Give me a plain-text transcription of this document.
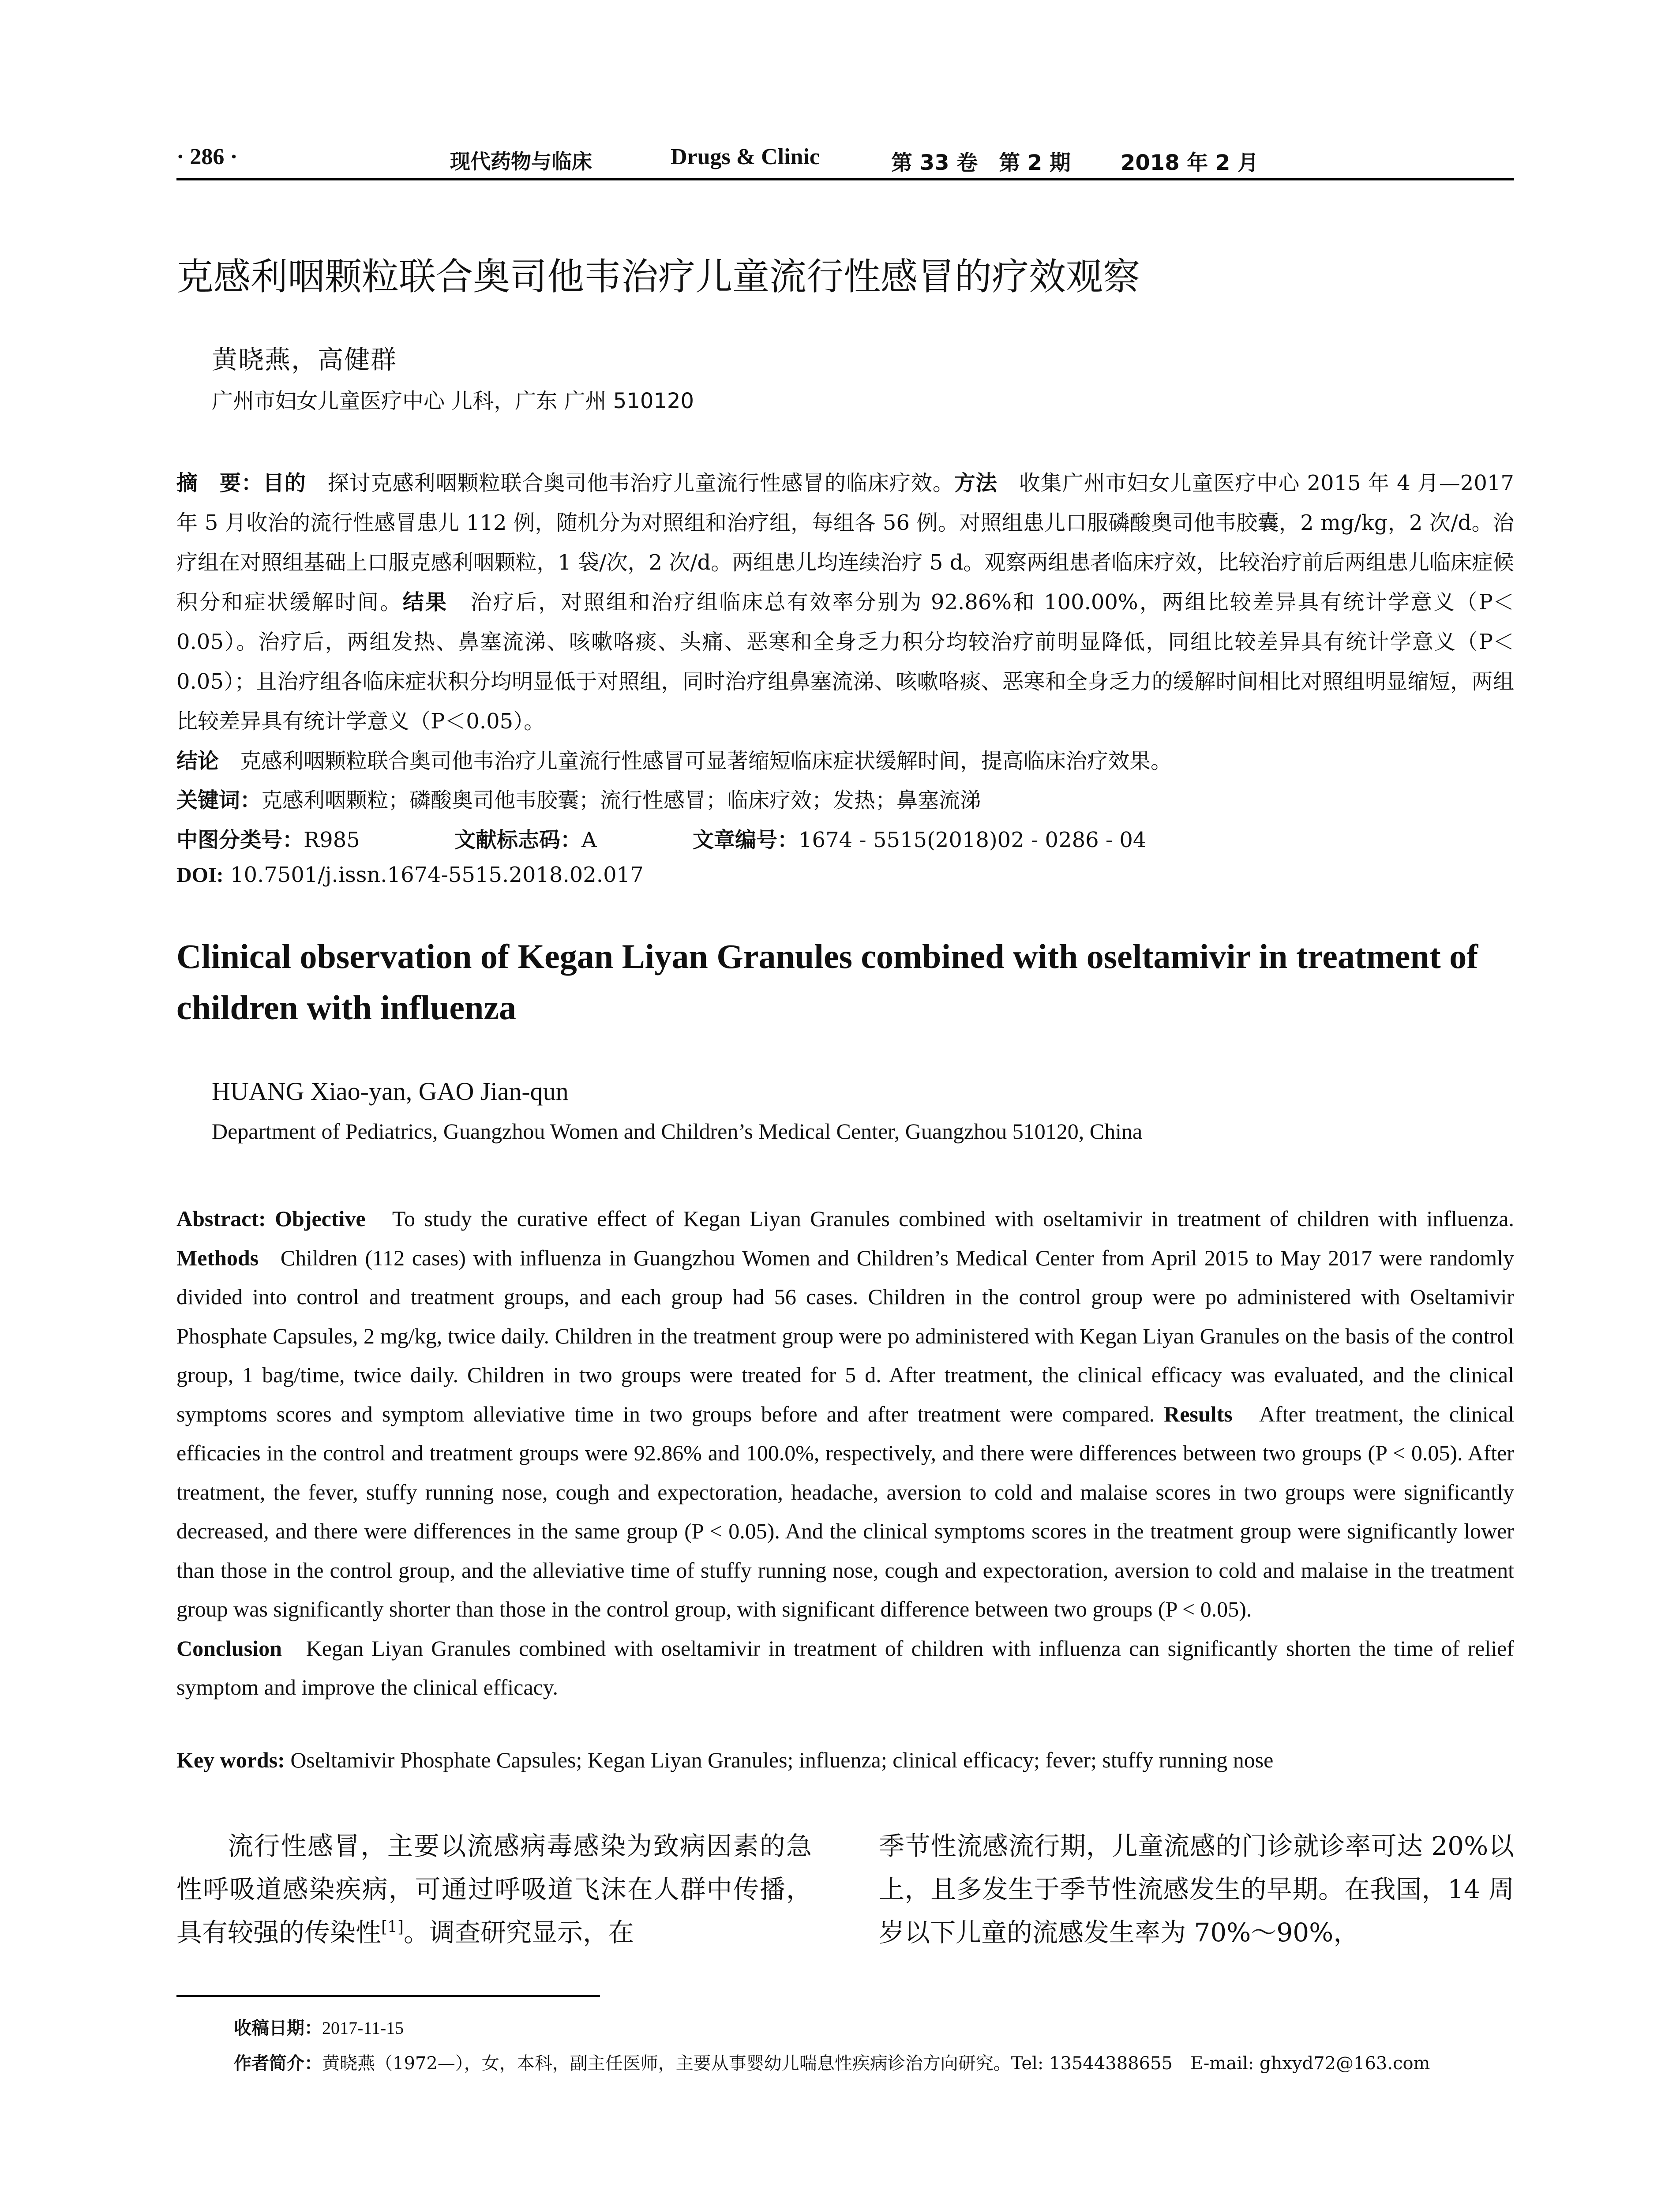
· 286 ·	现代药物与临床	Drugs & Clinic	第 33 卷　第 2 期 2018 年 2 月
克感利咽颗粒联合奥司他韦治疗儿童流行性感冒的疗效观察
黄晓燕，高健群
广州市妇女儿童医疗中心 儿科，广东 广州 510120
摘　要：目的　探讨克感利咽颗粒联合奥司他韦治疗儿童流行性感冒的临床疗效。方法　收集广州市妇女儿童医疗中心 2015 年 4 月—2017 年 5 月收治的流行性感冒患儿 112 例，随机分为对照组和治疗组，每组各 56 例。对照组患儿口服磷酸奥司他韦胶囊，2 mg/kg，2 次/d。治疗组在对照组基础上口服克感利咽颗粒，1 袋/次，2 次/d。两组患儿均连续治疗 5 d。观察两组患者临床疗效，比较治疗前后两组患儿临床症候积分和症状缓解时间。结果　治疗后，对照组和治疗组临床总有效率分别为 92.86%和 100.00%，两组比较差异具有统计学意义（P＜0.05）。治疗后，两组发热、鼻塞流涕、咳嗽咯痰、头痛、恶寒和全身乏力积分均较治疗前明显降低，同组比较差异具有统计学意义（P＜0.05）；且治疗组各临床症状积分均明显低于对照组，同时治疗组鼻塞流涕、咳嗽咯痰、恶寒和全身乏力的缓解时间相比对照组明显缩短，两组比较差异具有统计学意义（P＜0.05）。
结论　克感利咽颗粒联合奥司他韦治疗儿童流行性感冒可显著缩短临床症状缓解时间，提高临床治疗效果。
关键词：克感利咽颗粒；磷酸奥司他韦胶囊；流行性感冒；临床疗效；发热；鼻塞流涕
中图分类号：R985	文献标志码：A	文章编号：1674 - 5515(2018)02 - 0286 - 04
DOI: 10.7501/j.issn.1674-5515.2018.02.017
Clinical observation of Kegan Liyan Granules combined with oseltamivir in treatment of children with influenza
HUANG Xiao-yan, GAO Jian-qun
Department of Pediatrics, Guangzhou Women and Children’s Medical Center, Guangzhou 510120, China
Abstract: Objective   To study the curative effect of Kegan Liyan Granules combined with oseltamivir in treatment of children with influenza. Methods   Children (112 cases) with influenza in Guangzhou Women and Children’s Medical Center from April 2015 to May 2017 were randomly divided into control and treatment groups, and each group had 56 cases. Children in the control group were po administered with Oseltamivir Phosphate Capsules, 2 mg/kg, twice daily. Children in the treatment group were po administered with Kegan Liyan Granules on the basis of the control group, 1 bag/time, twice daily. Children in two groups were treated for 5 d. After treatment, the clinical efficacy was evaluated, and the clinical symptoms scores and symptom alleviative time in two groups before and after treatment were compared. Results   After treatment, the clinical efficacies in the control and treatment groups were 92.86% and 100.0%, respectively, and there were differences between two groups (P < 0.05). After treatment, the fever, stuffy running nose, cough and expectoration, headache, aversion to cold and malaise scores in two groups were significantly decreased, and there were differences in the same group (P < 0.05). And the clinical symptoms scores in the treatment group were significantly lower than those in the control group, and the alleviative time of stuffy running nose, cough and expectoration, aversion to cold and malaise in the treatment group was significantly shorter than those in the control group, with significant difference between two groups (P < 0.05).
Conclusion   Kegan Liyan Granules combined with oseltamivir in treatment of children with influenza can significantly shorten the time of relief symptom and improve the clinical efficacy.
Key words: Oseltamivir Phosphate Capsules; Kegan Liyan Granules; influenza; clinical efficacy; fever; stuffy running nose
流行性感冒，主要以流感病毒感染为致病因素的急性呼吸道感染疾病，可通过呼吸道飞沫在人群中传播，具有较强的传染性[1]。调查研究显示，在
季节性流感流行期，儿童流感的门诊就诊率可达 20%以上，且多发生于季节性流感发生的早期。在我国，14 周岁以下儿童的流感发生率为 70%～90%，
收稿日期：2017-11-15
作者简介：黄晓燕（1972—），女，本科，副主任医师，主要从事婴幼儿喘息性疾病诊治方向研究。Tel: 13544388655　E-mail: ghxyd72@163.com
